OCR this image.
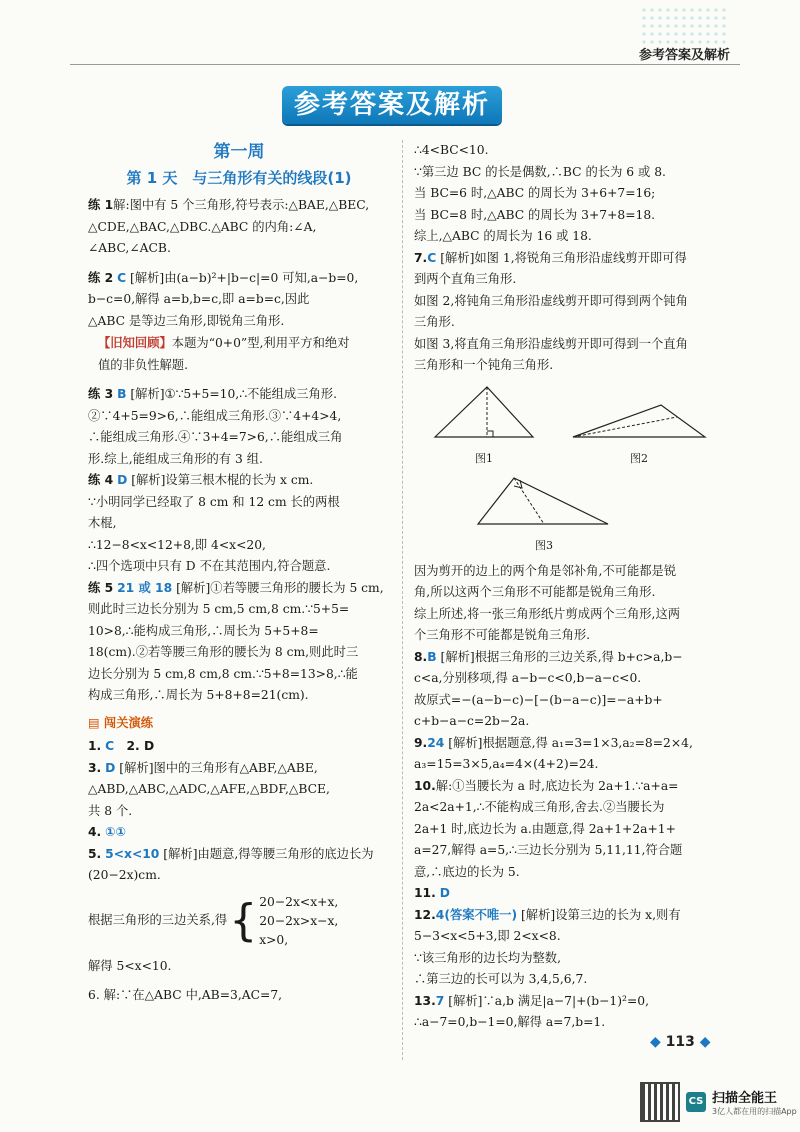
参考答案及解析
参考答案及解析
第一周
第 1 天　与三角形有关的线段(1)

练 1解:图中有 5 个三角形,符号表示:△BAE,△BEC,
△CDE,△BAC,△DBC.△ABC 的内角:∠A,
∠ABC,∠ACB.

练 2 C [解析]由(a−b)²+|b−c|=0 可知,a−b=0,
b−c=0,解得 a=b,b=c,即 a=b=c,因此
△ABC 是等边三角形,即锐角三角形.

【旧知回顾】本题为“0+0”型,利用平方和绝对
值的非负性解题.

练 3 B [解析]①∵5+5=10,∴不能组成三角形.
②∵4+5=9>6,∴能组成三角形.③∵4+4>4,
∴能组成三角形.④∵3+4=7>6,∴能组成三角
形.综上,能组成三角形的有 3 组.

练 4 D [解析]设第三根木棍的长为 x cm.
∵小明同学已经取了 8 cm 和 12 cm 长的两根
木棍,
∴12−8<x<12+8,即 4<x<20,
∴四个选项中只有 D 不在其范围内,符合题意.

练 5 21 或 18 [解析]①若等腰三角形的腰长为 5 cm,
则此时三边长分别为 5 cm,5 cm,8 cm.∵5+5=
10>8,∴能构成三角形,∴周长为 5+5+8=
18(cm).②若等腰三角形的腰长为 8 cm,则此时三
边长分别为 5 cm,8 cm,8 cm.∵5+8=13>8,∴能
构成三角形,∴周长为 5+8+8=21(cm).

▤ 闯关演练

1. C　2. D

3. D [解析]图中的三角形有△ABF,△ABE,
△ABD,△ABC,△ADC,△AFE,△BDF,△BCE,
共 8 个.

4. ①①

5. 5<x<10 [解析]由题意,得等腰三角形的底边长为
(20−2x)cm.

根据三角形的三边关系,得 { 20−2x<x+x,
20−2x>x−x,
x>0,

解得 5<x<10.

6. 解:∵在△ABC 中,AB=3,AC=7,

∴4<BC<10.
∵第三边 BC 的长是偶数,∴BC 的长为 6 或 8.
当 BC=6 时,△ABC 的周长为 3+6+7=16;
当 BC=8 时,△ABC 的周长为 3+7+8=18.
综上,△ABC 的周长为 16 或 18.

7.C [解析]如图 1,将锐角三角形沿虚线剪开即可得
到两个直角三角形.
如图 2,将钝角三角形沿虚线剪开即可得到两个钝角
三角形.
如图 3,将直角三角形沿虚线剪开即可得到一个直角
三角形和一个钝角三角形.

图1	图2
图3

因为剪开的边上的两个角是邻补角,不可能都是锐
角,所以这两个三角形不可能都是锐角三角形.
综上所述,将一张三角形纸片剪成两个三角形,这两
个三角形不可能都是锐角三角形.

8.B [解析]根据三角形的三边关系,得 b+c>a,b−
c<a,分别移项,得 a−b−c<0,b−a−c<0.
故原式=−(a−b−c)−[−(b−a−c)]=−a+b+
c+b−a−c=2b−2a.

9.24 [解析]根据题意,得 a₁=3=1×3,a₂=8=2×4,
a₃=15=3×5,a₄=4×(4+2)=24.

10.解:①当腰长为 a 时,底边长为 2a+1.∵a+a=
2a<2a+1,∴不能构成三角形,舍去.②当腰长为
2a+1 时,底边长为 a.由题意,得 2a+1+2a+1+
a=27,解得 a=5,∴三边长分别为 5,11,11,符合题
意,∴底边的长为 5.

11. D

12.4(答案不唯一) [解析]设第三边的长为 x,则有
5−3<x<5+3,即 2<x<8.
∵该三角形的边长均为整数,
∴第三边的长可以为 3,4,5,6,7.

13.7 [解析]∵a,b 满足|a−7|+(b−1)²=0,
∴a−7=0,b−1=0,解得 a=7,b=1.

◆ 113 ◆
CS 扫描全能王
3亿人都在用的扫描App
